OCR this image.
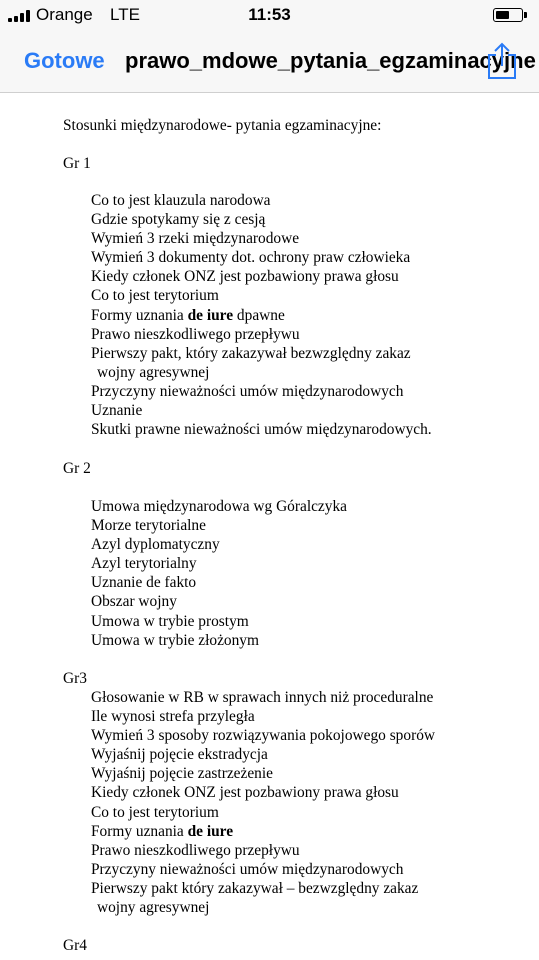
Orange LTE	11:53
Gotowe prawo_mdowe_pytania_egzaminacyjne
Stosunki międzynarodowe- pytania egzaminacyjne:
Gr 1
Co to jest klauzula narodowa
Gdzie spotykamy się z cesją
Wymień 3 rzeki międzynarodowe
Wymień 3 dokumenty dot. ochrony praw człowieka
Kiedy członek ONZ jest pozbawiony prawa głosu
Co to jest terytorium
Formy uznania de iure dpawne
Prawo nieszkodliwego przepływu
Pierwszy pakt, który zakazywał bezwzględny zakaz
wojny agresywnej
Przyczyny nieważności umów międzynarodowych
Uznanie
Skutki prawne nieważności umów międzynarodowych.
Gr 2
Umowa międzynarodowa wg Góralczyka
Morze terytorialne
Azyl dyplomatyczny
Azyl terytorialny
Uznanie de fakto
Obszar wojny
Umowa w trybie prostym
Umowa w trybie złożonym
Gr3
Głosowanie w RB w sprawach innych niż proceduralne
Ile wynosi strefa przyległa
Wymień 3 sposoby rozwiązywania pokojowego sporów
Wyjaśnij pojęcie ekstradycja
Wyjaśnij pojęcie zastrzeżenie
Kiedy członek ONZ jest pozbawiony prawa głosu
Co to jest terytorium
Formy uznania de iure
Prawo nieszkodliwego przepływu
Przyczyny nieważności umów międzynarodowych
Pierwszy pakt który zakazywał – bezwzględny zakaz
wojny agresywnej
Gr4
